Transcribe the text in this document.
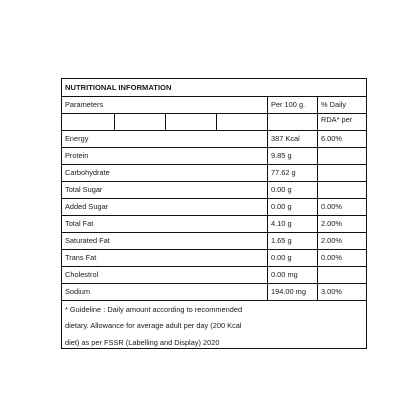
NUTRITIONAL INFORMATION
Parameters	Per 100 g.	% Daily
RDA* per
Energy	387 Kcal	6.00%
Protein	9.85 g
Carbohydrate	77.62 g
Total Sugar	0.00 g
Added Sugar	0.00 g	0.00%
Total Fat	4.10 g	2.00%
Saturated Fat	1.65 g	2.00%
Trans Fat	0.00 g	0.00%
Cholestrol	0.00 mg
Sodium	194.00 mg	3.00%
* Guideline : Daily amount according to recommended
dietary. Allowance for average adult per day (200 Kcal
diet) as per FSSR (Labelling and Display) 2020
